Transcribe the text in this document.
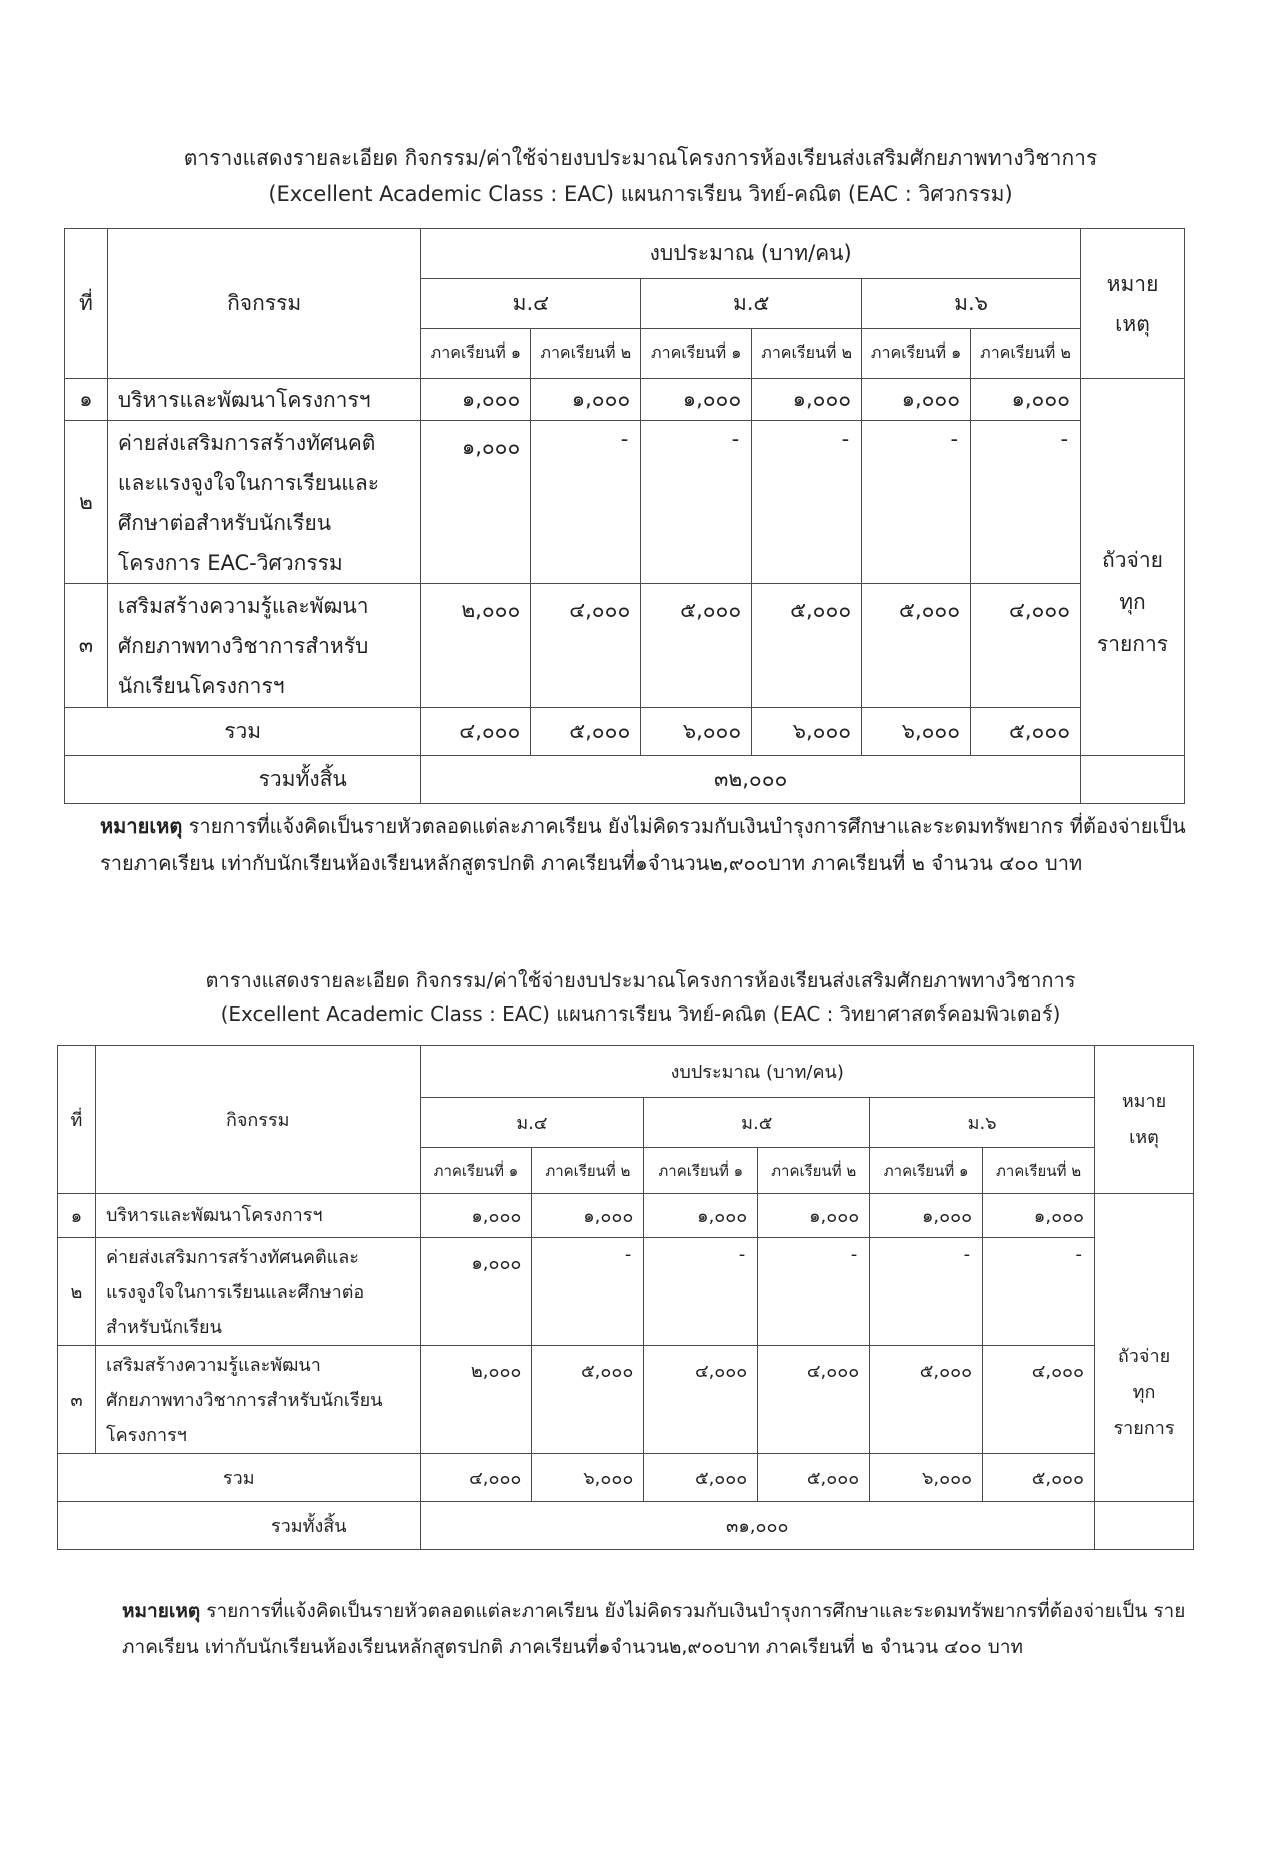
ตารางแสดงรายละเอียด กิจกรรม/ค่าใช้จ่ายงบประมาณโครงการห้องเรียนส่งเสริมศักยภาพทางวิชาการ
(Excellent Academic Class : EAC) แผนการเรียน วิทย์-คณิต (EAC : วิศวกรรม)
ที่	กิจกรรม	งบประมาณ (บาท/คน)						หมาย
เหตุ
		ม.๔		ม.๕		ม.๖		
		ภาคเรียนที่ ๑	ภาคเรียนที่ ๒	ภาคเรียนที่ ๑	ภาคเรียนที่ ๒	ภาคเรียนที่ ๑	ภาคเรียนที่ ๒	
๑	บริหารและพัฒนาโครงการฯ	๑,๐๐๐	๑,๐๐๐	๑,๐๐๐	๑,๐๐๐	๑,๐๐๐	๑,๐๐๐	ถัวจ่าย
ทุก
รายการ
๒	ค่ายส่งเสริมการสร้างทัศนคติ
และแรงจูงใจในการเรียนและ
ศึกษาต่อสำหรับนักเรียน
โครงการ EAC-วิศวกรรม	๑,๐๐๐	-	-	-	-	-	
๓	เสริมสร้างความรู้และพัฒนา
ศักยภาพทางวิชาการสำหรับ
นักเรียนโครงการฯ	๒,๐๐๐	๔,๐๐๐	๕,๐๐๐	๕,๐๐๐	๕,๐๐๐	๔,๐๐๐	
รวม		๔,๐๐๐	๕,๐๐๐	๖,๐๐๐	๖,๐๐๐	๖,๐๐๐	๕,๐๐๐	
รวมทั้งสิ้น		๓๒,๐๐๐						
หมายเหตุ รายการที่แจ้งคิดเป็นรายหัวตลอดแต่ละภาคเรียน ยังไม่คิดรวมกับเงินบำรุงการศึกษาและระดมทรัพยากร ที่ต้องจ่ายเป็นรายภาคเรียน เท่ากับนักเรียนห้องเรียนหลักสูตรปกติ ภาคเรียนที่๑จำนวน๒,๙๐๐บาท ภาคเรียนที่ ๒ จำนวน ๔๐๐ บาท
ตารางแสดงรายละเอียด กิจกรรม/ค่าใช้จ่ายงบประมาณโครงการห้องเรียนส่งเสริมศักยภาพทางวิชาการ
(Excellent Academic Class : EAC) แผนการเรียน วิทย์-คณิต (EAC : วิทยาศาสตร์คอมพิวเตอร์)
ที่	กิจกรรม	งบประมาณ (บาท/คน)						หมาย
เหตุ
		ม.๔		ม.๕		ม.๖		
		ภาคเรียนที่ ๑	ภาคเรียนที่ ๒	ภาคเรียนที่ ๑	ภาคเรียนที่ ๒	ภาคเรียนที่ ๑	ภาคเรียนที่ ๒	
๑	บริหารและพัฒนาโครงการฯ	๑,๐๐๐	๑,๐๐๐	๑,๐๐๐	๑,๐๐๐	๑,๐๐๐	๑,๐๐๐	ถัวจ่าย
ทุก
รายการ
๒	ค่ายส่งเสริมการสร้างทัศนคติและ
แรงจูงใจในการเรียนและศึกษาต่อ
สำหรับนักเรียน	๑,๐๐๐	-	-	-	-	-	
๓	เสริมสร้างความรู้และพัฒนา
ศักยภาพทางวิชาการสำหรับนักเรียน
โครงการฯ	๒,๐๐๐	๕,๐๐๐	๔,๐๐๐	๔,๐๐๐	๕,๐๐๐	๔,๐๐๐	
รวม		๔,๐๐๐	๖,๐๐๐	๕,๐๐๐	๕,๐๐๐	๖,๐๐๐	๕,๐๐๐	
รวมทั้งสิ้น		๓๑,๐๐๐						
หมายเหตุ รายการที่แจ้งคิดเป็นรายหัวตลอดแต่ละภาคเรียน ยังไม่คิดรวมกับเงินบำรุงการศึกษาและระดมทรัพยากรที่ต้องจ่ายเป็น รายภาคเรียน เท่ากับนักเรียนห้องเรียนหลักสูตรปกติ ภาคเรียนที่๑จำนวน๒,๙๐๐บาท ภาคเรียนที่ ๒ จำนวน ๔๐๐ บาท
